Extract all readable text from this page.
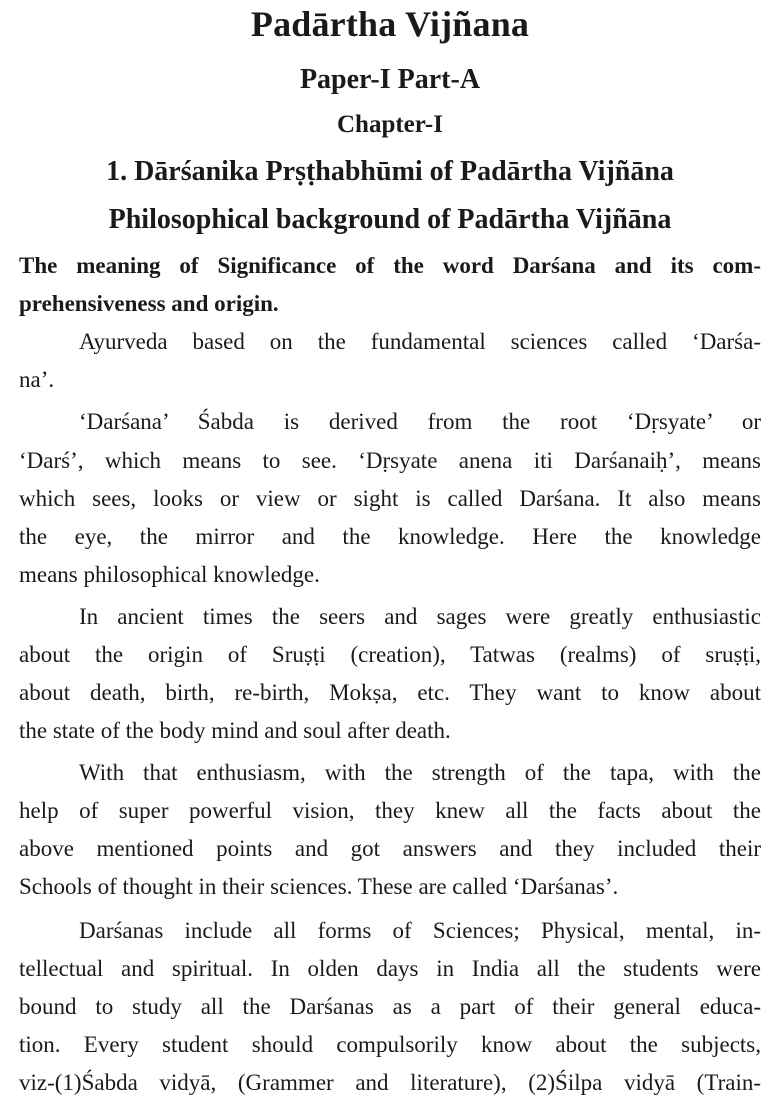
Padārtha Vijñana
Paper-I Part-A
Chapter-I
1. Dārśanika Prṣṭhabhūmi of Padārtha Vijñāna
Philosophical background of Padārtha Vijñāna
The meaning of Significance of the word Darśana and its com-
prehensiveness and origin.
Ayurveda based on the fundamental sciences called ‘Darśa-
na’.
‘Darśana’ Śabda is derived from the root ‘Dṛsyate’ or
‘Darś’, which means to see. ‘Dṛsyate anena iti Darśanaiḥ’, means
which sees, looks or view or sight is called Darśana. It also means
the eye, the mirror and the knowledge. Here the knowledge
means philosophical knowledge.
In ancient times the seers and sages were greatly enthusiastic
about the origin of Sruṣṭi (creation), Tatwas (realms) of sruṣṭi,
about death, birth, re-birth, Mokṣa, etc. They want to know about
the state of the body mind and soul after death.
With that enthusiasm, with the strength of the tapa, with the
help of super powerful vision, they knew all the facts about the
above mentioned points and got answers and they included their
Schools of thought in their sciences. These are called ‘Darśanas’.
Darśanas include all forms of Sciences; Physical, mental, in-
tellectual and spiritual. In olden days in India all the students were
bound to study all the Darśanas as a part of their general educa-
tion. Every student should compulsorily know about the subjects,
viz-(1)Śabda vidyā, (Grammer and literature), (2)Śilpa vidyā (Train-
